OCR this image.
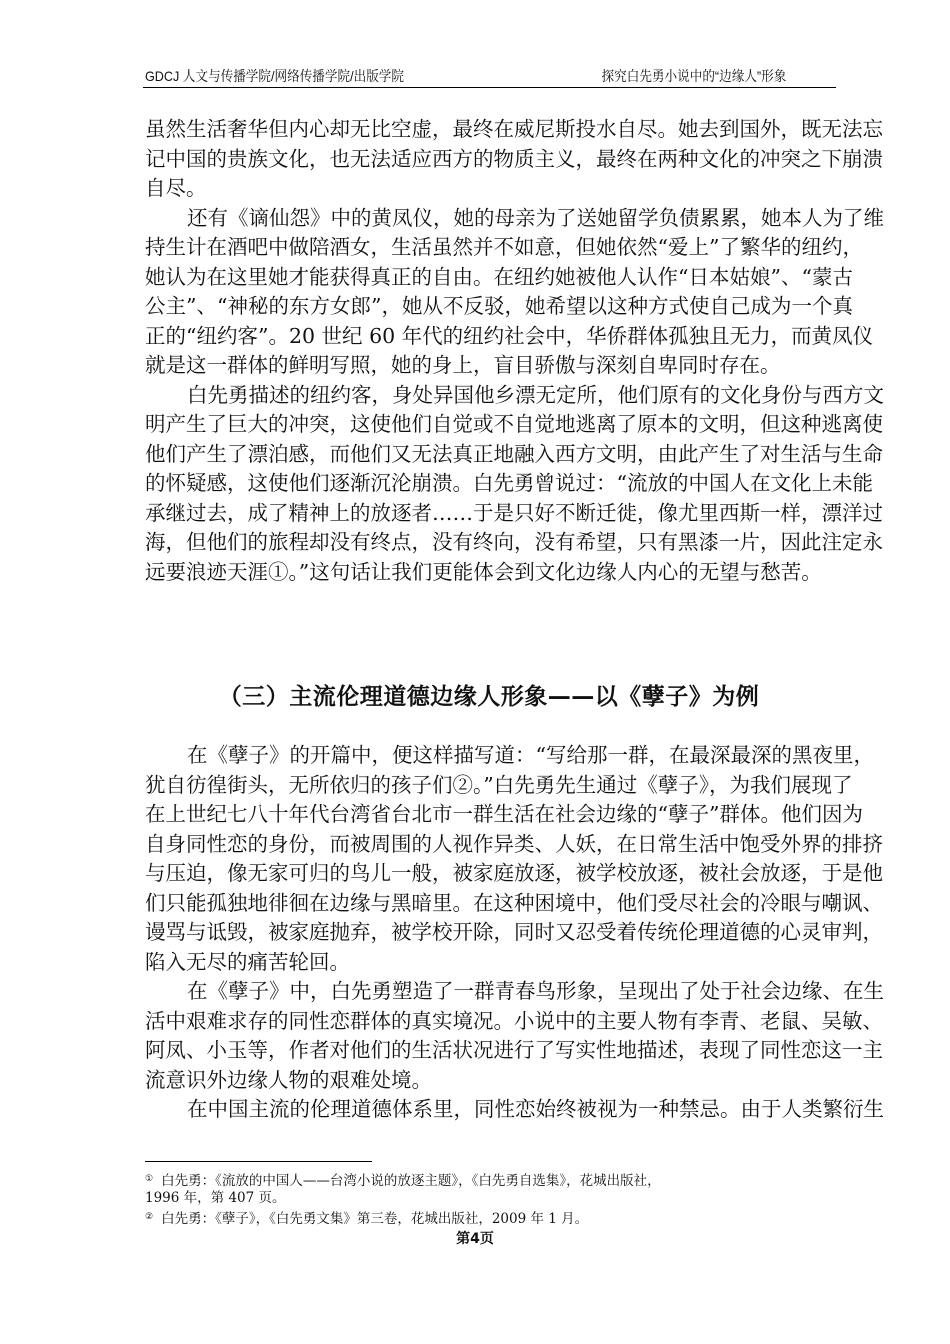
GDCJ 人文与传播学院/网络传播学院/出版学院	探究白先勇小说中的“边缘人”形象
虽然生活奢华但内心却无比空虚，最终在威尼斯投水自尽。她去到国外，既无法忘
记中国的贵族文化，也无法适应西方的物质主义，最终在两种文化的冲突之下崩溃
自尽。
还有《谪仙怨》中的黄凤仪，她的母亲为了送她留学负债累累，她本人为了维
持生计在酒吧中做陪酒女，生活虽然并不如意，但她依然“爱上”了繁华的纽约，
她认为在这里她才能获得真正的自由。在纽约她被他人认作“日本姑娘”、“蒙古
公主”、“神秘的东方女郎”，她从不反驳，她希望以这种方式使自己成为一个真
正的“纽约客”。20 世纪 60 年代的纽约社会中，华侨群体孤独且无力，而黄凤仪
就是这一群体的鲜明写照，她的身上，盲目骄傲与深刻自卑同时存在。
白先勇描述的纽约客，身处异国他乡漂无定所，他们原有的文化身份与西方文
明产生了巨大的冲突，这使他们自觉或不自觉地逃离了原本的文明，但这种逃离使
他们产生了漂泊感，而他们又无法真正地融入西方文明，由此产生了对生活与生命
的怀疑感，这使他们逐渐沉沦崩溃。白先勇曾说过：“流放的中国人在文化上未能
承继过去，成了精神上的放逐者……于是只好不断迁徙，像尤里西斯一样，漂洋过
海，但他们的旅程却没有终点，没有终向，没有希望，只有黑漆一片，因此注定永
远要浪迹天涯①。”这句话让我们更能体会到文化边缘人内心的无望与愁苦。
（三）主流伦理道德边缘人形象——以《孽子》为例
在《孽子》的开篇中，便这样描写道：“写给那一群，在最深最深的黑夜里，
犹自彷徨街头，无所依归的孩子们②。”白先勇先生通过《孽子》，为我们展现了
在上世纪七八十年代台湾省台北市一群生活在社会边缘的“孽子”群体。他们因为
自身同性恋的身份，而被周围的人视作异类、人妖，在日常生活中饱受外界的排挤
与压迫，像无家可归的鸟儿一般，被家庭放逐，被学校放逐，被社会放逐，于是他
们只能孤独地徘徊在边缘与黑暗里。在这种困境中，他们受尽社会的冷眼与嘲讽、
谩骂与诋毁，被家庭抛弃，被学校开除，同时又忍受着传统伦理道德的心灵审判，
陷入无尽的痛苦轮回。
在《孽子》中，白先勇塑造了一群青春鸟形象，呈现出了处于社会边缘、在生
活中艰难求存的同性恋群体的真实境况。小说中的主要人物有李青、老鼠、吴敏、
阿凤、小玉等，作者对他们的生活状况进行了写实性地描述，表现了同性恋这一主
流意识外边缘人物的艰难处境。
在中国主流的伦理道德体系里，同性恋始终被视为一种禁忌。由于人类繁衍生
① 白先勇：《流放的中国人——台湾小说的放逐主题》，《白先勇自选集》，花城出版社，
1996 年，第 407 页。
② 白先勇：《孽子》，《白先勇文集》第三卷，花城出版社，2009 年 1 月。
第4页
